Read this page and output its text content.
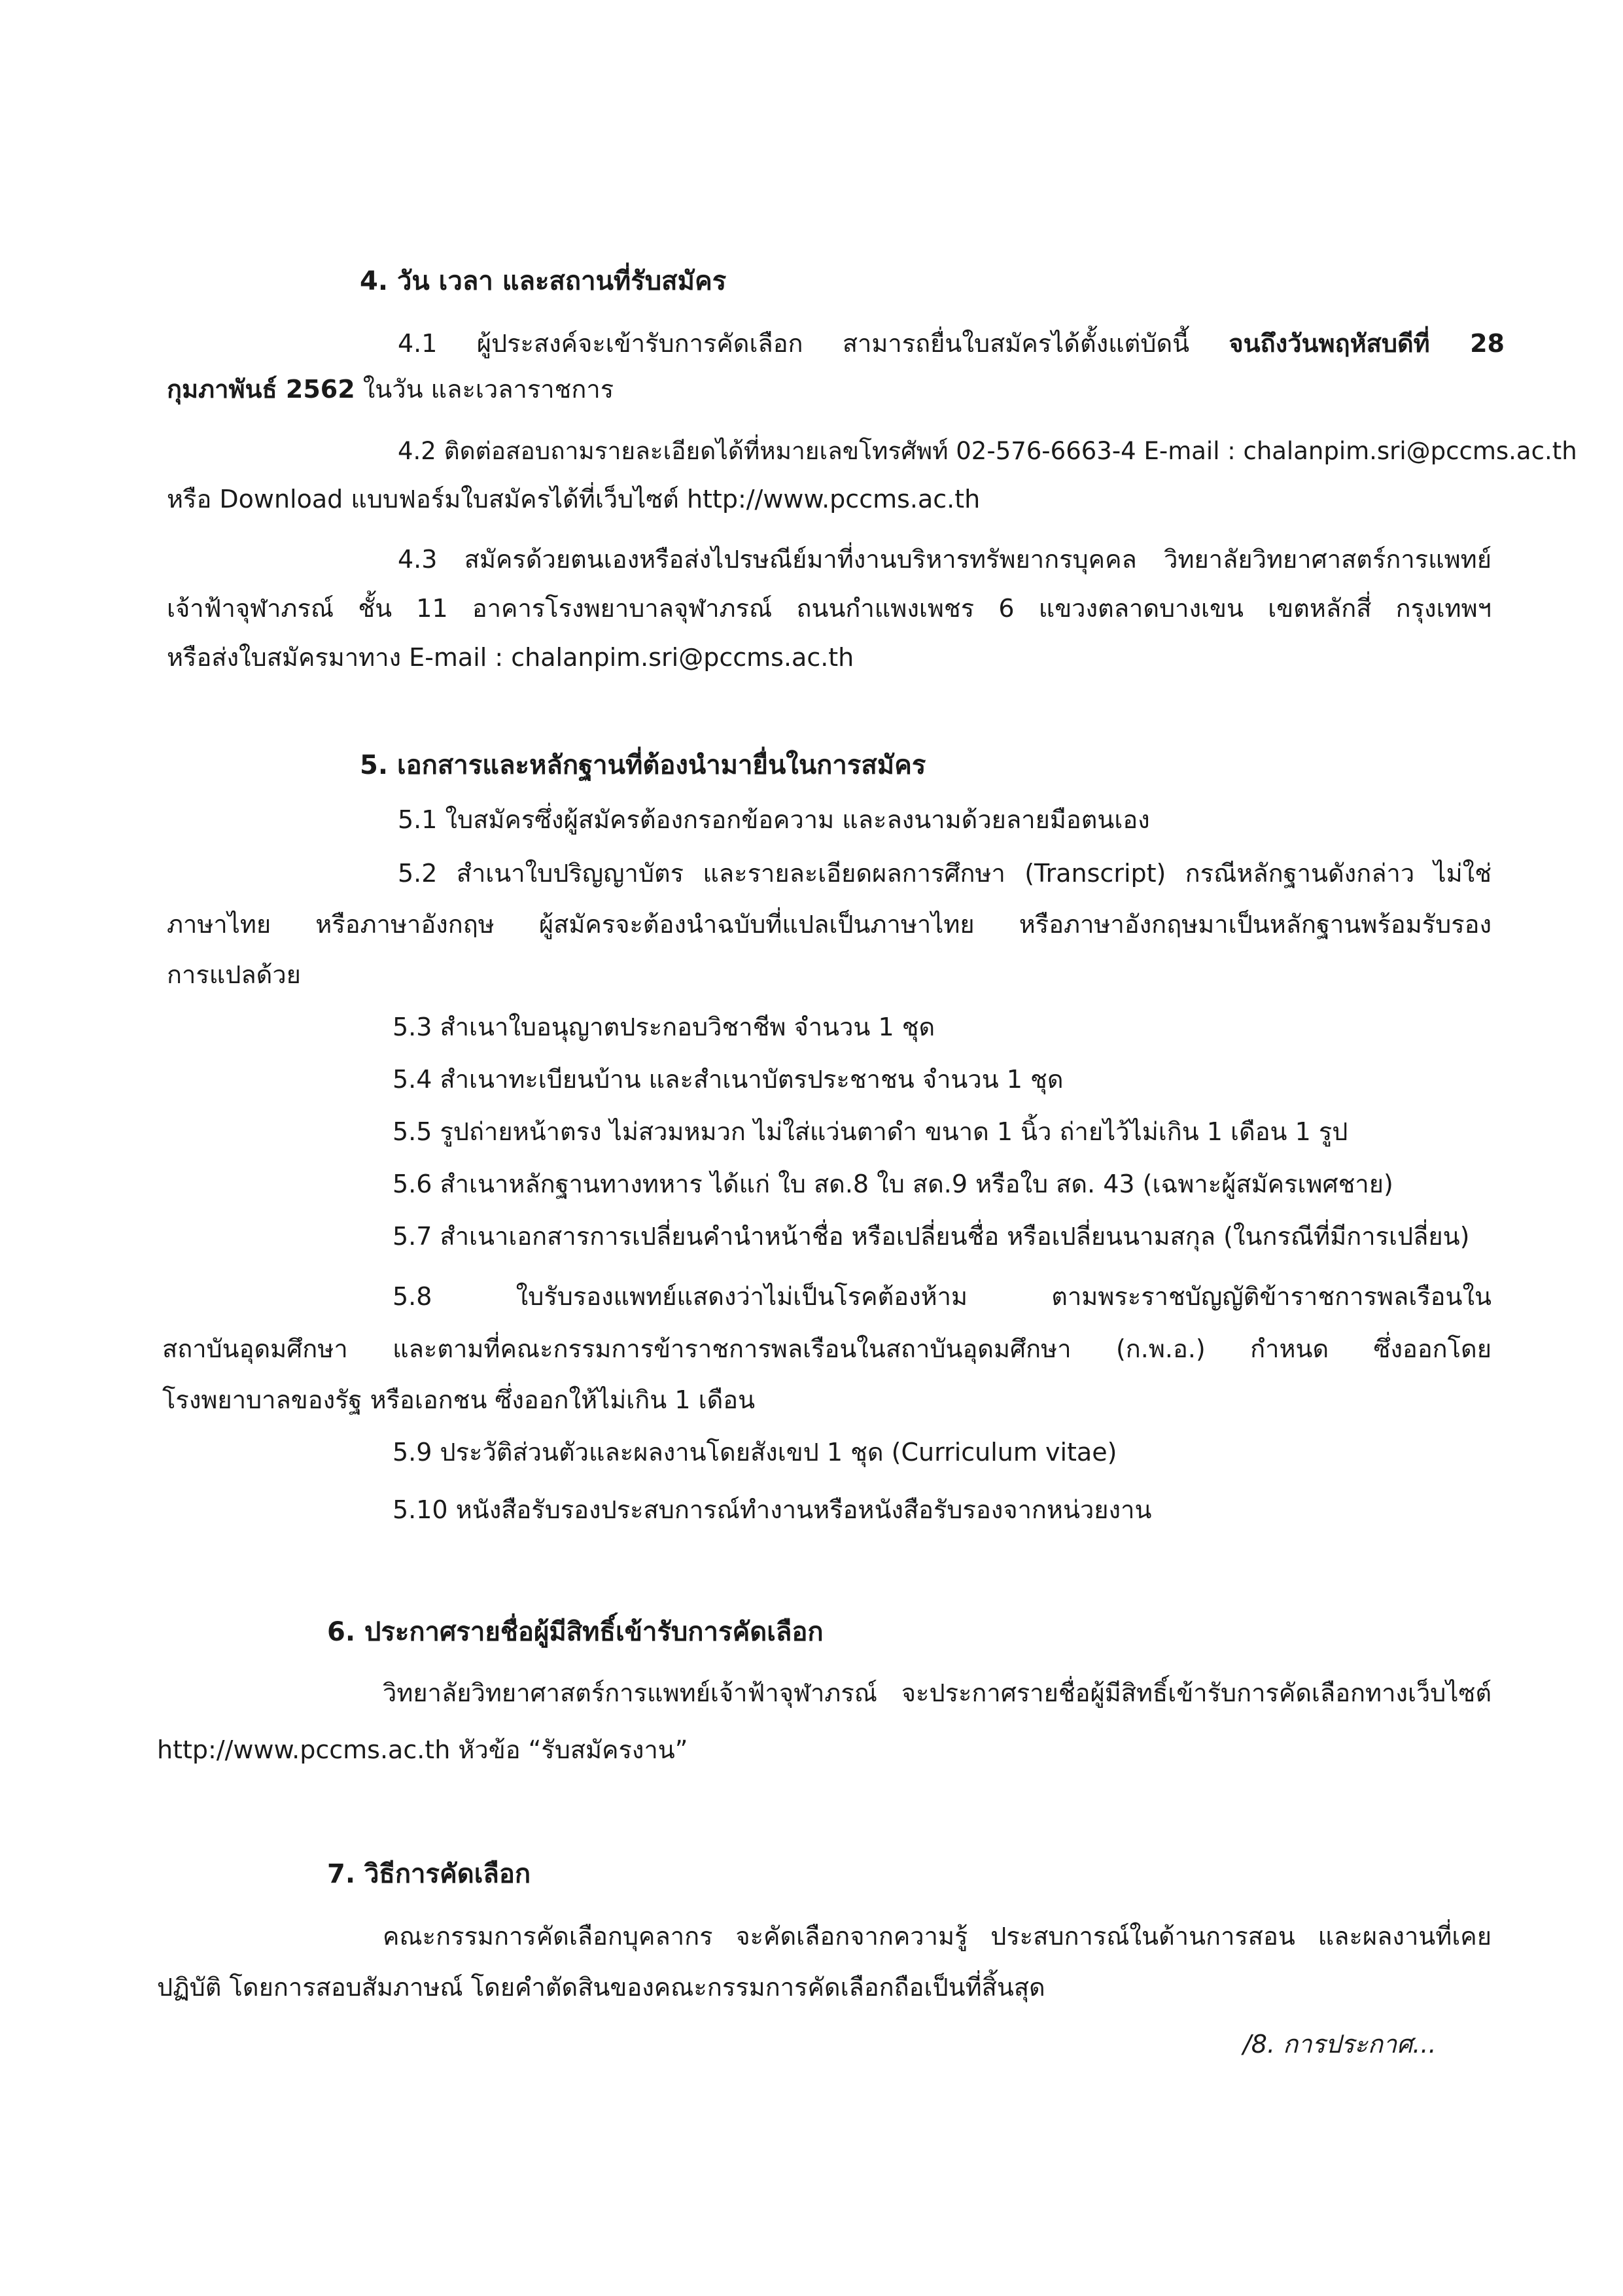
4. วัน เวลา และสถานที่รับสมัคร
4.1 ผู้ประสงค์จะเข้ารับการคัดเลือก สามารถยื่นใบสมัครได้ตั้งแต่บัดนี้ จนถึงวันพฤหัสบดีที่ 28
กุมภาพันธ์ 2562 ในวัน และเวลาราชการ
4.2 ติดต่อสอบถามรายละเอียดได้ที่หมายเลขโทรศัพท์ 02-576-6663-4 E-mail : chalanpim.sri@pccms.ac.th
หรือ Download แบบฟอร์มใบสมัครได้ที่เว็บไซต์ http://www.pccms.ac.th
4.3 สมัครด้วยตนเองหรือส่งไปรษณีย์มาที่งานบริหารทรัพยากรบุคคล วิทยาลัยวิทยาศาสตร์การแพทย์
เจ้าฟ้าจุฬาภรณ์ ชั้น 11 อาคารโรงพยาบาลจุฬาภรณ์ ถนนกำแพงเพชร 6 แขวงตลาดบางเขน เขตหลักสี่ กรุงเทพฯ
หรือส่งใบสมัครมาทาง E-mail : chalanpim.sri@pccms.ac.th
5. เอกสารและหลักฐานที่ต้องนำมายื่นในการสมัคร
5.1 ใบสมัครซึ่งผู้สมัครต้องกรอกข้อความ และลงนามด้วยลายมือตนเอง
5.2 สำเนาใบปริญญาบัตร และรายละเอียดผลการศึกษา (Transcript) กรณีหลักฐานดังกล่าว ไม่ใช่
ภาษาไทย หรือภาษาอังกฤษ ผู้สมัครจะต้องนำฉบับที่แปลเป็นภาษาไทย หรือภาษาอังกฤษมาเป็นหลักฐานพร้อมรับรอง
การแปลด้วย
5.3 สำเนาใบอนุญาตประกอบวิชาชีพ จำนวน 1 ชุด
5.4 สำเนาทะเบียนบ้าน และสำเนาบัตรประชาชน จำนวน 1 ชุด
5.5 รูปถ่ายหน้าตรง ไม่สวมหมวก ไม่ใส่แว่นตาดำ ขนาด 1 นิ้ว ถ่ายไว้ไม่เกิน 1 เดือน 1 รูป
5.6 สำเนาหลักฐานทางทหาร ได้แก่ ใบ สด.8 ใบ สด.9 หรือใบ สด. 43 (เฉพาะผู้สมัครเพศชาย)
5.7 สำเนาเอกสารการเปลี่ยนคำนำหน้าชื่อ หรือเปลี่ยนชื่อ หรือเปลี่ยนนามสกุล (ในกรณีที่มีการเปลี่ยน)
5.8 ใบรับรองแพทย์แสดงว่าไม่เป็นโรคต้องห้าม ตามพระราชบัญญัติข้าราชการพลเรือนใน
สถาบันอุดมศึกษา และตามที่คณะกรรมการข้าราชการพลเรือนในสถาบันอุดมศึกษา (ก.พ.อ.) กำหนด ซึ่งออกโดย
โรงพยาบาลของรัฐ หรือเอกชน ซึ่งออกให้ไม่เกิน 1 เดือน
5.9 ประวัติส่วนตัวและผลงานโดยสังเขป 1 ชุด (Curriculum vitae)
5.10 หนังสือรับรองประสบการณ์ทำงานหรือหนังสือรับรองจากหน่วยงาน
6. ประกาศรายชื่อผู้มีสิทธิ์เข้ารับการคัดเลือก
วิทยาลัยวิทยาศาสตร์การแพทย์เจ้าฟ้าจุฬาภรณ์ จะประกาศรายชื่อผู้มีสิทธิ์เข้ารับการคัดเลือกทางเว็บไซต์
http://www.pccms.ac.th หัวข้อ “รับสมัครงาน”
7. วิธีการคัดเลือก
คณะกรรมการคัดเลือกบุคลากร จะคัดเลือกจากความรู้ ประสบการณ์ในด้านการสอน และผลงานที่เคย
ปฏิบัติ โดยการสอบสัมภาษณ์ โดยคำตัดสินของคณะกรรมการคัดเลือกถือเป็นที่สิ้นสุด
/8. การประกาศ...
